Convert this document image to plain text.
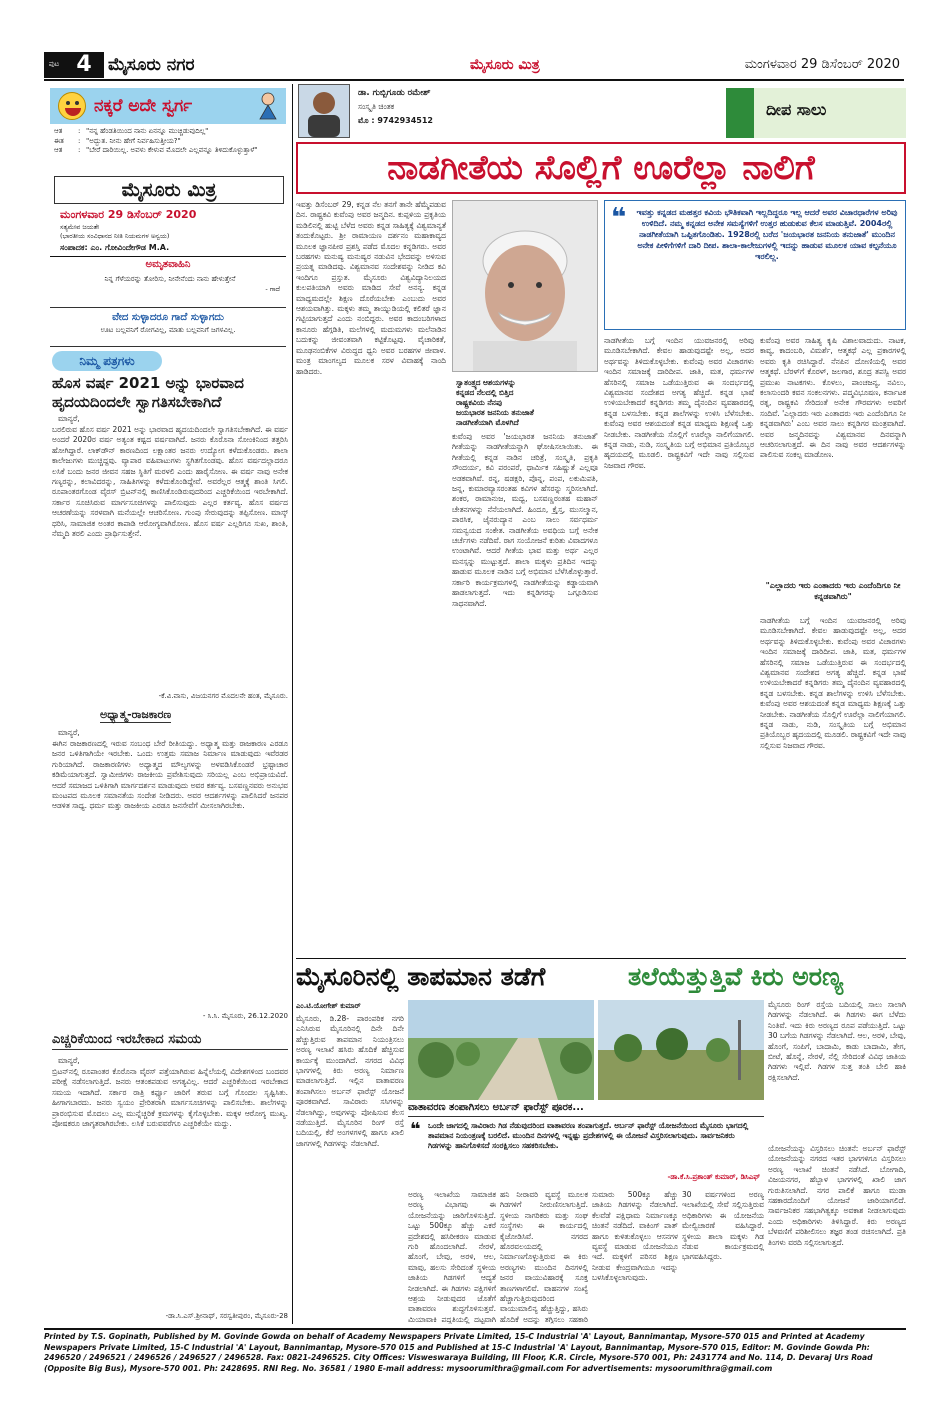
ಪುಟ 4 ಮೈಸೂರು ನಗರ	ಮೈಸೂರು ಮಿತ್ರ	ಮಂಗಳವಾರ 29 ಡಿಸೆಂಬರ್ 2020
ನಕ್ಕರೆ ಅದೇ ಸ್ವರ್ಗ
ಆತ	: "ನನ್ನ ಹೆಂಡತಿಯಿಂದ ನಾನು ಏನನ್ನೂ ಮುಚ್ಚಿಡುವುದಿಲ್ಲ"
ಈತ	: "ಅದ್ಭುತ. ನೀನು ಹೇಗೆ ನಿರ್ವಹಿಸುತ್ತೀಯ?"
ಆತ	: "ಬೇರೆ ದಾರಿಯಿಲ್ಲ. ಅವಳು ಕೇಳುವ ಮೊದಲೇ ಎಲ್ಲವನ್ನೂ ತಿಳಿದುಕೊಳ್ಳುತ್ತಾಳೆ"
ಮೈಸೂರು ಮಿತ್ರ
ಮಂಗಳವಾರ 29 ಡಿಸೆಂಬರ್ 2020
ಸತ್ಯಮೇವ ಜಯತೇ
(ಭಾರತೀಯ ಸಂವಿಧಾನದ ನೀತಿ ನಿಯಮಗಳ ಅನ್ವಯ)
ಸಂಪಾದಕ: ಎಂ. ಗೋವಿಂದೇಗೌಡ M.A.
ಅಮೃತವಾಹಿನಿ
ನಿನ್ನ ಗೆಳೆಯರನ್ನು ತೋರಿಸು, ನೀನೇನೆಂದು ನಾನು ಹೇಳುತ್ತೇನೆ
- ಗಾದೆ
ವೇದ ಸುಳ್ಳಾದರೂ ಗಾದೆ ಸುಳ್ಳಾಗದು
ಊಟ ಬಲ್ಲವನಿಗೆ ರೋಗವಿಲ್ಲ, ಮಾತು ಬಲ್ಲವನಿಗೆ ಜಗಳವಿಲ್ಲ.
ನಿಮ್ಮ ಪತ್ರಗಳು
ಹೊಸ ವರ್ಷ 2021 ಅನ್ನು ಭಾರವಾದ ಹೃದಯದಿಂದಲೇ ಸ್ವಾಗತಿಸಬೇಕಾಗಿದೆ
ಮಾನ್ಯರೆ,
ಬರಲಿರುವ ಹೊಸ ವರ್ಷ 2021 ಅನ್ನು ಭಾರವಾದ ಹೃದಯದಿಂದಲೇ ಸ್ವಾಗತಿಸಬೇಕಾಗಿದೆ. ಈ ವರ್ಷ ಅಂದರೆ 2020ರ ವರ್ಷ ಅತ್ಯಂತ ಕಷ್ಟದ ವರ್ಷವಾಗಿದೆ. ಜನರು ಕೊರೊನಾ ಸೋಂಕಿನಿಂದ ತತ್ತರಿಸಿ ಹೋಗಿದ್ದಾರೆ. ಲಾಕ್‌ಡೌನ್ ಕಾರಣದಿಂದ ಲಕ್ಷಾಂತರ ಜನರು ಉದ್ಯೋಗ ಕಳೆದುಕೊಂಡರು. ಶಾಲಾ ಕಾಲೇಜುಗಳು ಮುಚ್ಚಿದ್ದವು. ವ್ಯಾಪಾರ ವಹಿವಾಟುಗಳು ಸ್ಥಗಿತಗೊಂಡವು. ಹೊಸ ವರ್ಷದಲ್ಲಾದರೂ ಲಸಿಕೆ ಬಂದು ಜನರ ಜೀವನ ಸಹಜ ಸ್ಥಿತಿಗೆ ಮರಳಲಿ ಎಂದು ಹಾರೈಸೋಣ. ಈ ವರ್ಷ ನಾವು ಅನೇಕ ಗಣ್ಯರನ್ನು, ಕಲಾವಿದರನ್ನು, ಸಾಹಿತಿಗಳನ್ನು ಕಳೆದುಕೊಂಡಿದ್ದೇವೆ. ಅವರೆಲ್ಲರ ಆತ್ಮಕ್ಕೆ ಶಾಂತಿ ಸಿಗಲಿ. ರೂಪಾಂತರಗೊಂಡ ವೈರಸ್ ಬ್ರಿಟನ್‌ನಲ್ಲಿ ಕಾಣಿಸಿಕೊಂಡಿರುವುದರಿಂದ ಎಚ್ಚರಿಕೆಯಿಂದ ಇರಬೇಕಾಗಿದೆ. ಸರ್ಕಾರ ಸೂಚಿಸಿರುವ ಮಾರ್ಗಸೂಚಿಗಳನ್ನು ಪಾಲಿಸುವುದು ಎಲ್ಲರ ಕರ್ತವ್ಯ. ಹೊಸ ವರ್ಷದ ಆಚರಣೆಯನ್ನು ಸರಳವಾಗಿ ಮನೆಯಲ್ಲೇ ಆಚರಿಸೋಣ. ಗುಂಪು ಸೇರುವುದನ್ನು ತಪ್ಪಿಸೋಣ. ಮಾಸ್ಕ್ ಧರಿಸಿ, ಸಾಮಾಜಿಕ ಅಂತರ ಕಾಪಾಡಿ ಆರೋಗ್ಯವಾಗಿರೋಣ. ಹೊಸ ವರ್ಷ ಎಲ್ಲರಿಗೂ ಸುಖ, ಶಾಂತಿ, ನೆಮ್ಮದಿ ತರಲಿ ಎಂದು ಪ್ರಾರ್ಥಿಸುತ್ತೇನೆ.
-ಕೆ.ವಿ.ವಾಸು, ವಿಜಯನಗರ ಮೊದಲನೇ ಹಂತ, ಮೈಸೂರು.
ಅಧ್ಯಾತ್ಮ-ರಾಜಕಾರಣ
ಮಾನ್ಯರೆ,
ಈಗಿನ ರಾಜಕಾರಣದಲ್ಲಿ ಇರುವ ಸಂಬಂಧ ಬೇರೆ ರೀತಿಯದ್ದು. ಅಧ್ಯಾತ್ಮ ಮತ್ತು ರಾಜಕಾರಣ ಎರಡೂ ಜನರ ಒಳಿತಿಗಾಗಿಯೇ ಇರಬೇಕು. ಒಂದು ಉತ್ತಮ ಸಮಾಜ ನಿರ್ಮಾಣ ಮಾಡುವುದು ಇವೆರಡರ ಗುರಿಯಾಗಿದೆ. ರಾಜಕಾರಣಿಗಳು ಅಧ್ಯಾತ್ಮದ ಮೌಲ್ಯಗಳನ್ನು ಅಳವಡಿಸಿಕೊಂಡರೆ ಭ್ರಷ್ಟಾಚಾರ ಕಡಿಮೆಯಾಗುತ್ತದೆ. ಸ್ವಾಮೀಜಿಗಳು ರಾಜಕೀಯ ಪ್ರವೇಶಿಸುವುದು ಸರಿಯಲ್ಲ ಎಂಬ ಅಭಿಪ್ರಾಯವಿದೆ. ಆದರೆ ಸಮಾಜದ ಒಳಿತಿಗಾಗಿ ಮಾರ್ಗದರ್ಶನ ಮಾಡುವುದು ಅವರ ಕರ್ತವ್ಯ. ಬಸವಣ್ಣನವರು ಅನುಭವ ಮಂಟಪದ ಮೂಲಕ ಸಮಾನತೆಯ ಸಂದೇಶ ನೀಡಿದರು. ಅವರ ಆದರ್ಶಗಳನ್ನು ಪಾಲಿಸಿದರೆ ಜನಪರ ಆಡಳಿತ ಸಾಧ್ಯ. ಧರ್ಮ ಮತ್ತು ರಾಜಕೀಯ ಎರಡೂ ಜನಸೇವೆಗೆ ಮೀಸಲಾಗಿರಬೇಕು.
- ಸಿ.ಸಿ. ಮೈಸೂರು, 26.12.2020
ಎಚ್ಚರಿಕೆಯಿಂದ ಇರಬೇಕಾದ ಸಮಯ
ಮಾನ್ಯರೆ,
ಬ್ರಿಟನ್‌ನಲ್ಲಿ ರೂಪಾಂತರ ಕೊರೊನಾ ವೈರಸ್ ಪತ್ತೆಯಾಗಿರುವ ಹಿನ್ನೆಲೆಯಲ್ಲಿ ವಿದೇಶಗಳಿಂದ ಬಂದವರ ಪರೀಕ್ಷೆ ನಡೆಸಲಾಗುತ್ತಿದೆ. ಜನರು ಆತಂಕಪಡುವ ಅಗತ್ಯವಿಲ್ಲ. ಆದರೆ ಎಚ್ಚರಿಕೆಯಿಂದ ಇರಬೇಕಾದ ಸಮಯ ಇದಾಗಿದೆ. ಸರ್ಕಾರ ರಾತ್ರಿ ಕರ್ಫ್ಯೂ ಜಾರಿಗೆ ತರುವ ಬಗ್ಗೆ ಗೊಂದಲ ಸೃಷ್ಟಿಸಿತು. ಹೀಗಾಗಬಾರದು. ಜನರು ಸ್ವಯಂ ಪ್ರೇರಿತರಾಗಿ ಮಾರ್ಗಸೂಚಿಗಳನ್ನು ಪಾಲಿಸಬೇಕು. ಶಾಲೆಗಳನ್ನು ಪ್ರಾರಂಭಿಸುವ ಮೊದಲು ಎಲ್ಲ ಮುನ್ನೆಚ್ಚರಿಕೆ ಕ್ರಮಗಳನ್ನು ಕೈಗೊಳ್ಳಬೇಕು. ಮಕ್ಕಳ ಆರೋಗ್ಯ ಮುಖ್ಯ. ಪೋಷಕರೂ ಜಾಗೃತರಾಗಿರಬೇಕು. ಲಸಿಕೆ ಬರುವವರೆಗೂ ಎಚ್ಚರಿಕೆಯೇ ಮದ್ದು.
-ಡಾ.ಸಿ.ಎಸ್.ಶ್ರೀನಾಥ್, ಸರಸ್ವತೀಪುರಂ, ಮೈಸೂರು-28
ಡಾ. ಗುಬ್ಬಿಗೂಡು ರಮೇಶ್
ಸಂಸ್ಕೃತಿ ಚಿಂತಕ
ಮೊ : 9742934512
ದೀಪ ಸಾಲು
ನಾಡಗೀತೆಯ ಸೊಲ್ಲಿಗೆ ಊರೆಲ್ಲಾ ನಾಲಿಗೆ
ಇವತ್ತು ಡಿಸೆಂಬರ್ 29, ಕನ್ನಡ ನೆಲ ತನಗೆ ತಾನೇ ಹೆಮ್ಮೆಪಡುವ ದಿನ. ರಾಷ್ಟ್ರಕವಿ ಕುವೆಂಪು ಅವರ ಜನ್ಮದಿನ. ಕುಪ್ಪಳಿಯ ಪ್ರಕೃತಿಯ ಮಡಿಲಿನಲ್ಲಿ ಹುಟ್ಟಿ ಬೆಳೆದ ಅವರು ಕನ್ನಡ ಸಾಹಿತ್ಯಕ್ಕೆ ವಿಶ್ವಮಾನ್ಯತೆ ತಂದುಕೊಟ್ಟರು. ಶ್ರೀ ರಾಮಾಯಣ ದರ್ಶನಂ ಮಹಾಕಾವ್ಯದ ಮೂಲಕ ಜ್ಞಾನಪೀಠ ಪ್ರಶಸ್ತಿ ಪಡೆದ ಮೊದಲ ಕನ್ನಡಿಗರು. ಅವರ ಬರಹಗಳು ಮನುಷ್ಯ ಮನುಷ್ಯರ ನಡುವಿನ ಭೇದವನ್ನು ಅಳಿಸುವ ಪ್ರಯತ್ನ ಮಾಡಿದವು. ವಿಶ್ವಮಾನವ ಸಂದೇಶವನ್ನು ನೀಡಿದ ಕವಿ ಇಂದಿಗೂ ಪ್ರಸ್ತುತ. ಮೈಸೂರು ವಿಶ್ವವಿದ್ಯಾನಿಲಯದ ಕುಲಪತಿಯಾಗಿ ಅವರು ಮಾಡಿದ ಸೇವೆ ಅನನ್ಯ. ಕನ್ನಡ ಮಾಧ್ಯಮದಲ್ಲೇ ಶಿಕ್ಷಣ ದೊರೆಯಬೇಕು ಎಂಬುದು ಅವರ ಆಶಯವಾಗಿತ್ತು. ಮಕ್ಕಳು ತಮ್ಮ ತಾಯ್ನುಡಿಯಲ್ಲಿ ಕಲಿತರೆ ಜ್ಞಾನ ಗಟ್ಟಿಯಾಗುತ್ತದೆ ಎಂದು ನಂಬಿದ್ದರು. ಅವರ ಕಾದಂಬರಿಗಳಾದ ಕಾನೂರು ಹೆಗ್ಗಡಿತಿ, ಮಲೆಗಳಲ್ಲಿ ಮದುಮಗಳು ಮಲೆನಾಡಿನ ಬದುಕನ್ನು ಜೀವಂತವಾಗಿ ಕಟ್ಟಿಕೊಟ್ಟವು. ವೈಚಾರಿಕತೆ, ಮೂಢನಂಬಿಕೆಗಳ ವಿರುದ್ಧದ ಧ್ವನಿ ಅವರ ಬರಹಗಳ ಜೀವಾಳ. ಮಂತ್ರ ಮಾಂಗಲ್ಯದ ಮೂಲಕ ಸರಳ ವಿವಾಹಕ್ಕೆ ನಾಂದಿ ಹಾಡಿದರು.
ಸ್ವಾತಂತ್ರ್ಯದ ಆಶಯಗಳನ್ನು
ಕನ್ನಡದ ನೆಲದಲ್ಲಿ ಬಿತ್ತಿದ
ರಾಷ್ಟ್ರಕವಿಯ ನೆನಪು
ಜಯಭಾರತ ಜನನಿಯ ತನುಜಾತೆ
ನಾಡಗೀತೆಯಾಗಿ ಮೊಳಗಿದೆ
ಕುವೆಂಪು ಅವರ 'ಜಯಭಾರತ ಜನನಿಯ ತನುಜಾತೆ' ಗೀತೆಯನ್ನು ನಾಡಗೀತೆಯನ್ನಾಗಿ ಘೋಷಿಸಲಾಯಿತು. ಈ ಗೀತೆಯಲ್ಲಿ ಕನ್ನಡ ನಾಡಿನ ಚರಿತ್ರೆ, ಸಂಸ್ಕೃತಿ, ಪ್ರಕೃತಿ ಸೌಂದರ್ಯ, ಕವಿ ಪರಂಪರೆ, ಧಾರ್ಮಿಕ ಸಹಿಷ್ಣುತೆ ಎಲ್ಲವೂ ಅಡಕವಾಗಿವೆ. ರನ್ನ, ಷಡಕ್ಷರಿ, ಪೊನ್ನ, ಪಂಪ, ಲಕುಮಿಪತಿ, ಜನ್ನ, ಕುಮಾರವ್ಯಾಸರಂತಹ ಕವಿಗಳ ಹೆಸರನ್ನು ಸ್ಮರಿಸಲಾಗಿದೆ. ಶಂಕರ, ರಾಮಾನುಜ, ಮಧ್ವ, ಬಸವಣ್ಣರಂತಹ ಮಹಾನ್ ಚೇತನಗಳನ್ನು ನೆನೆಯಲಾಗಿದೆ. ಹಿಂದೂ, ಕ್ರೈಸ್ತ, ಮುಸಲ್ಮಾನ, ಪಾರಸಿಕ, ಜೈನರುದ್ಯಾನ ಎಂಬ ಸಾಲು ಸರ್ವಧರ್ಮ ಸಮನ್ವಯದ ಸಂಕೇತ. ನಾಡಗೀತೆಯ ಅವಧಿಯ ಬಗ್ಗೆ ಅನೇಕ ಚರ್ಚೆಗಳು ನಡೆದಿವೆ. ರಾಗ ಸಂಯೋಜನೆ ಕುರಿತು ವಿವಾದಗಳೂ ಉಂಟಾಗಿವೆ. ಆದರೆ ಗೀತೆಯ ಭಾವ ಮತ್ತು ಅರ್ಥ ಎಲ್ಲರ ಮನಸ್ಸನ್ನು ಮುಟ್ಟುತ್ತದೆ. ಶಾಲಾ ಮಕ್ಕಳು ಪ್ರತಿದಿನ ಇದನ್ನು ಹಾಡುವ ಮೂಲಕ ನಾಡಿನ ಬಗ್ಗೆ ಅಭಿಮಾನ ಬೆಳೆಸಿಕೊಳ್ಳುತ್ತಾರೆ. ಸರ್ಕಾರಿ ಕಾರ್ಯಕ್ರಮಗಳಲ್ಲಿ ನಾಡಗೀತೆಯನ್ನು ಕಡ್ಡಾಯವಾಗಿ ಹಾಡಲಾಗುತ್ತದೆ. ಇದು ಕನ್ನಡಿಗರನ್ನು ಒಗ್ಗೂಡಿಸುವ ಸಾಧನವಾಗಿದೆ.
❝	ಇವತ್ತು ಕನ್ನಡದ ಮಹತ್ತರ ಕವಿಯ ಭೌತಿಕವಾಗಿ ಇಲ್ಲದಿದ್ದರೂ ಇಲ್ಲ ಆದರೆ ಅವರ ವಿಚಾರಧಾರೆಗಳ ಅರಿವು ಉಳಿದಿದೆ. ನಮ್ಮ ಕನ್ನಡದ ಅನೇಕ ಸಮಸ್ಯೆಗಳಿಗೆ ಉತ್ತರ ಹುಡುಕುವ ಕೆಲಸ ಮಾಡುತ್ತಿವೆ. 2004ರಲ್ಲಿ ನಾಡಗೀತೆಯಾಗಿ ಒಪ್ಪಿತಗೊಂಡಿತು. 1928ರಲ್ಲಿ ಬರೆದ 'ಜಯಭಾರತ ಜನನಿಯ ತನುಜಾತೆ' ಮುಂದಿನ ಅನೇಕ ಪೀಳಿಗೆಗಳಿಗೆ ದಾರಿ ದೀಪ. ಶಾಲಾ-ಕಾಲೇಜುಗಳಲ್ಲಿ ಇದನ್ನು ಹಾಡುವ ಮೂಲಕ ಯಾವ ಕಲ್ಪನೆಯೂ ಇರಲಿಲ್ಲ.
ನಾಡಗೀತೆಯ ಬಗ್ಗೆ ಇಂದಿನ ಯುವಜನರಲ್ಲಿ ಅರಿವು ಮೂಡಿಸಬೇಕಾಗಿದೆ. ಕೇವಲ ಹಾಡುವುದಷ್ಟೇ ಅಲ್ಲ, ಅದರ ಅರ್ಥವನ್ನು ತಿಳಿದುಕೊಳ್ಳಬೇಕು. ಕುವೆಂಪು ಅವರ ವಿಚಾರಗಳು ಇಂದಿನ ಸಮಾಜಕ್ಕೆ ದಾರಿದೀಪ. ಜಾತಿ, ಮತ, ಧರ್ಮಗಳ ಹೆಸರಿನಲ್ಲಿ ಸಮಾಜ ಒಡೆಯುತ್ತಿರುವ ಈ ಸಂದರ್ಭದಲ್ಲಿ ವಿಶ್ವಮಾನವ ಸಂದೇಶದ ಅಗತ್ಯ ಹೆಚ್ಚಿದೆ. ಕನ್ನಡ ಭಾಷೆ ಉಳಿಯಬೇಕಾದರೆ ಕನ್ನಡಿಗರು ತಮ್ಮ ದೈನಂದಿನ ವ್ಯವಹಾರದಲ್ಲಿ ಕನ್ನಡ ಬಳಸಬೇಕು. ಕನ್ನಡ ಶಾಲೆಗಳನ್ನು ಉಳಿಸಿ ಬೆಳೆಸಬೇಕು. ಕುವೆಂಪು ಅವರ ಆಶಯದಂತೆ ಕನ್ನಡ ಮಾಧ್ಯಮ ಶಿಕ್ಷಣಕ್ಕೆ ಒತ್ತು ನೀಡಬೇಕು. ನಾಡಗೀತೆಯ ಸೊಲ್ಲಿಗೆ ಊರೆಲ್ಲಾ ನಾಲಿಗೆಯಾಗಲಿ. ಕನ್ನಡ ನಾಡು, ನುಡಿ, ಸಂಸ್ಕೃತಿಯ ಬಗ್ಗೆ ಅಭಿಮಾನ ಪ್ರತಿಯೊಬ್ಬರ ಹೃದಯದಲ್ಲಿ ಮೂಡಲಿ. ರಾಷ್ಟ್ರಕವಿಗೆ ಇದೇ ನಾವು ಸಲ್ಲಿಸುವ ನಿಜವಾದ ಗೌರವ.
ಕುವೆಂಪು ಅವರ ಸಾಹಿತ್ಯ ಕೃಷಿ ವಿಶಾಲವಾದುದು. ನಾಟಕ, ಕಾವ್ಯ, ಕಾದಂಬರಿ, ವಿಮರ್ಶೆ, ಆತ್ಮಕಥೆ ಎಲ್ಲ ಪ್ರಕಾರಗಳಲ್ಲಿ ಅವರು ಕೃತಿ ರಚಿಸಿದ್ದಾರೆ. ನೆನಪಿನ ದೋಣಿಯಲ್ಲಿ ಅವರ ಆತ್ಮಕಥೆ. ಬೆರಳ್‌ಗೆ ಕೊರಳ್, ಜಲಗಾರ, ಶೂದ್ರ ತಪಸ್ವಿ ಅವರ ಪ್ರಮುಖ ನಾಟಕಗಳು. ಕೊಳಲು, ಪಾಂಚಜನ್ಯ, ನವಿಲು, ಕಲಾಸುಂದರಿ ಕವನ ಸಂಕಲನಗಳು. ಪದ್ಮವಿಭೂಷಣ, ಕರ್ನಾಟಕ ರತ್ನ, ರಾಷ್ಟ್ರಕವಿ ಸೇರಿದಂತೆ ಅನೇಕ ಗೌರವಗಳು ಅವರಿಗೆ ಸಂದಿವೆ. 'ಎಲ್ಲಾದರು ಇರು ಎಂತಾದರು ಇರು ಎಂದೆಂದಿಗೂ ನೀ ಕನ್ನಡವಾಗಿರು' ಎಂಬ ಅವರ ಸಾಲು ಕನ್ನಡಿಗರ ಮಂತ್ರವಾಗಿದೆ. ಅವರ ಜನ್ಮದಿನವನ್ನು ವಿಶ್ವಮಾನವ ದಿನವನ್ನಾಗಿ ಆಚರಿಸಲಾಗುತ್ತದೆ. ಈ ದಿನ ನಾವು ಅವರ ಆದರ್ಶಗಳನ್ನು ಪಾಲಿಸುವ ಸಂಕಲ್ಪ ಮಾಡೋಣ.
"ಎಲ್ಲಾದರು ಇರು ಎಂತಾದರು ಇರು ಎಂದೆಂದಿಗೂ ನೀ ಕನ್ನಡವಾಗಿರು"
ನಾಡಗೀತೆಯ ಬಗ್ಗೆ ಇಂದಿನ ಯುವಜನರಲ್ಲಿ ಅರಿವು ಮೂಡಿಸಬೇಕಾಗಿದೆ. ಕೇವಲ ಹಾಡುವುದಷ್ಟೇ ಅಲ್ಲ, ಅದರ ಅರ್ಥವನ್ನು ತಿಳಿದುಕೊಳ್ಳಬೇಕು. ಕುವೆಂಪು ಅವರ ವಿಚಾರಗಳು ಇಂದಿನ ಸಮಾಜಕ್ಕೆ ದಾರಿದೀಪ. ಜಾತಿ, ಮತ, ಧರ್ಮಗಳ ಹೆಸರಿನಲ್ಲಿ ಸಮಾಜ ಒಡೆಯುತ್ತಿರುವ ಈ ಸಂದರ್ಭದಲ್ಲಿ ವಿಶ್ವಮಾನವ ಸಂದೇಶದ ಅಗತ್ಯ ಹೆಚ್ಚಿದೆ. ಕನ್ನಡ ಭಾಷೆ ಉಳಿಯಬೇಕಾದರೆ ಕನ್ನಡಿಗರು ತಮ್ಮ ದೈನಂದಿನ ವ್ಯವಹಾರದಲ್ಲಿ ಕನ್ನಡ ಬಳಸಬೇಕು. ಕನ್ನಡ ಶಾಲೆಗಳನ್ನು ಉಳಿಸಿ ಬೆಳೆಸಬೇಕು. ಕುವೆಂಪು ಅವರ ಆಶಯದಂತೆ ಕನ್ನಡ ಮಾಧ್ಯಮ ಶಿಕ್ಷಣಕ್ಕೆ ಒತ್ತು ನೀಡಬೇಕು. ನಾಡಗೀತೆಯ ಸೊಲ್ಲಿಗೆ ಊರೆಲ್ಲಾ ನಾಲಿಗೆಯಾಗಲಿ. ಕನ್ನಡ ನಾಡು, ನುಡಿ, ಸಂಸ್ಕೃತಿಯ ಬಗ್ಗೆ ಅಭಿಮಾನ ಪ್ರತಿಯೊಬ್ಬರ ಹೃದಯದಲ್ಲಿ ಮೂಡಲಿ. ರಾಷ್ಟ್ರಕವಿಗೆ ಇದೇ ನಾವು ಸಲ್ಲಿಸುವ ನಿಜವಾದ ಗೌರವ.
ಮೈಸೂರಿನಲ್ಲಿ ತಾಪಮಾನ ತಡೆಗೆ	ತಲೆಯೆತ್ತುತ್ತಿವೆ ಕಿರು ಅರಣ್ಯ
ಎಂ.ಟಿ.ಯೋಗೇಶ್ ಕುಮಾರ್
ಮೈಸೂರು, ಡಿ.28- ಪಾರಂಪರಿಕ ನಗರಿ ಎನಿಸಿರುವ ಮೈಸೂರಿನಲ್ಲಿ ದಿನೇ ದಿನೇ ಹೆಚ್ಚುತ್ತಿರುವ ತಾಪಮಾನ ನಿಯಂತ್ರಿಸಲು ಅರಣ್ಯ ಇಲಾಖೆ ಹಸಿರು ಹೊದಿಕೆ ಹೆಚ್ಚಿಸುವ ಕಾರ್ಯಕ್ಕೆ ಮುಂದಾಗಿದೆ. ನಗರದ ವಿವಿಧ ಭಾಗಗಳಲ್ಲಿ ಕಿರು ಅರಣ್ಯ ನಿರ್ಮಾಣ ಮಾಡಲಾಗುತ್ತಿದೆ. ಇಲ್ಲಿನ ವಾತಾವರಣ ತಂಪಾಗಿಸಲು ಅರ್ಬನ್ ಫಾರೆಸ್ಟ್ ಯೋಜನೆ ಪೂರಕವಾಗಿದೆ. ಸಾವಿರಾರು ಸಸಿಗಳನ್ನು ನೆಡಲಾಗಿದ್ದು, ಅವುಗಳನ್ನು ಪೋಷಿಸುವ ಕೆಲಸ ನಡೆಯುತ್ತಿದೆ. ಮೈಸೂರಿನ ರಿಂಗ್ ರಸ್ತೆ ಬದಿಯಲ್ಲಿ, ಕೆರೆ ಅಂಗಳಗಳಲ್ಲಿ ಹಾಗೂ ಖಾಲಿ ಜಾಗಗಳಲ್ಲಿ ಗಿಡಗಳನ್ನು ನೆಡಲಾಗಿದೆ.
ವಾತಾವರಣ ತಂಪಾಗಿಸಲು ಅರ್ಬನ್ ಫಾರೆಸ್ಟ್ ಪೂರಕ...
❝ ಒಂದೇ ಜಾಗದಲ್ಲಿ ಸಾವಿರಾರು ಗಿಡ ನೆಡುವುದರಿಂದ ವಾತಾವರಣ ತಂಪಾಗುತ್ತದೆ. ಅರ್ಬನ್ ಫಾರೆಸ್ಟ್ ಯೋಜನೆಯಿಂದ ಮೈಸೂರು ಭಾಗದಲ್ಲಿ ತಾಪಮಾನ ನಿಯಂತ್ರಣಕ್ಕೆ ಬರಲಿದೆ. ಮುಂದಿನ ದಿನಗಳಲ್ಲಿ ಇನ್ನಷ್ಟು ಪ್ರದೇಶಗಳಲ್ಲಿ ಈ ಯೋಜನೆ ವಿಸ್ತರಿಸಲಾಗುವುದು. ಸಾರ್ವಜನಿಕರು ಗಿಡಗಳನ್ನು ಹಾನಿಗೊಳಿಸದೆ ಸಂರಕ್ಷಿಸಲು ಸಹಕರಿಸಬೇಕು.
-ಡಾ.ಕೆ.ಸಿ.ಪ್ರಶಾಂತ್ ಕುಮಾರ್, ಡಿಸಿಎಫ್
ಅರಣ್ಯ ಇಲಾಖೆಯ ಸಾಮಾಜಿಕ ಅರಣ್ಯ ವಿಭಾಗವು ಈ ಯೋಜನೆಯನ್ನು ಜಾರಿಗೊಳಿಸುತ್ತಿದೆ. ಒಟ್ಟು 500ಕ್ಕೂ ಹೆಚ್ಚು ಎಕರೆ ಪ್ರದೇಶದಲ್ಲಿ ಹಸಿರೀಕರಣ ಮಾಡುವ ಗುರಿ ಹೊಂದಲಾಗಿದೆ. ನೇರಳೆ, ಹೊಂಗೆ, ಬೇವು, ಅರಳಿ, ಆಲ, ಮಾವು, ಹಲಸು ಸೇರಿದಂತೆ ಸ್ಥಳೀಯ ಜಾತಿಯ ಗಿಡಗಳಿಗೆ ಆದ್ಯತೆ ನೀಡಲಾಗಿದೆ. ಈ ಗಿಡಗಳು ಪಕ್ಷಿಗಳಿಗೆ ಆಶ್ರಯ ನೀಡುವುದರ ಜೊತೆಗೆ ವಾತಾವರಣ ಶುದ್ಧಗೊಳಿಸುತ್ತವೆ. ಮಿಯಾವಾಕಿ ಪದ್ಧತಿಯಲ್ಲಿ ದಟ್ಟವಾಗಿ
ಹನಿ ನೀರಾವರಿ ವ್ಯವಸ್ಥೆ ಮೂಲಕ ಗಿಡಗಳಿಗೆ ನೀರುಣಿಸಲಾಗುತ್ತಿದೆ. ಸ್ಥಳೀಯ ನಾಗರಿಕರು ಮತ್ತು ಸಂಘ ಸಂಸ್ಥೆಗಳು ಈ ಕಾರ್ಯದಲ್ಲಿ ಕೈಜೋಡಿಸಿವೆ. ನಗರದ ಹೊರವಲಯದಲ್ಲಿ ನಿರ್ಮಾಣಗೊಳ್ಳುತ್ತಿರುವ ಈ ಕಿರು ಅರಣ್ಯಗಳು ಮುಂದಿನ ದಿನಗಳಲ್ಲಿ ಜನರ ವಾಯುವಿಹಾರಕ್ಕೆ ಸೂಕ್ತ ತಾಣಗಳಾಗಲಿವೆ. ವಾಹನಗಳ ಸಂಖ್ಯೆ ಹೆಚ್ಚಾಗುತ್ತಿರುವುದರಿಂದ ವಾಯುಮಾಲಿನ್ಯ ಹೆಚ್ಚುತ್ತಿದ್ದು, ಹಸಿರು ಹೊದಿಕೆ ಅದನ್ನು ತಗ್ಗಿಸಲು ಸಹಕಾರಿ
ಸುಮಾರು 500ಕ್ಕೂ ಹೆಚ್ಚು ಜಾತಿಯ ಗಿಡಗಳನ್ನು ನೆಡಲಾಗಿದೆ. ಕೆಲವೆಡೆ ಪಕ್ಷಿಧಾಮ ನಿರ್ಮಾಣಕ್ಕೂ ಚಿಂತನೆ ನಡೆದಿದೆ. ವಾಕಿಂಗ್ ಪಾತ್ ಹಾಗೂ ಕುಳಿತುಕೊಳ್ಳಲು ಆಸನಗಳ ವ್ಯವಸ್ಥೆ ಮಾಡುವ ಯೋಜನೆಯೂ ಇದೆ. ಮಕ್ಕಳಿಗೆ ಪರಿಸರ ಶಿಕ್ಷಣ ನೀಡುವ ಕೇಂದ್ರವಾಗಿಯೂ ಇದನ್ನು ಬಳಸಿಕೊಳ್ಳಲಾಗುವುದು.
30 ವರ್ಷಗಳಿಂದ ಅರಣ್ಯ ಇಲಾಖೆಯಲ್ಲಿ ಸೇವೆ ಸಲ್ಲಿಸುತ್ತಿರುವ ಅಧಿಕಾರಿಗಳು ಈ ಯೋಜನೆಯ ಮೇಲ್ವಿಚಾರಣೆ ವಹಿಸಿದ್ದಾರೆ. ಸ್ಥಳೀಯ ಶಾಲಾ ಮಕ್ಕಳು ಗಿಡ ನೆಡುವ ಕಾರ್ಯಕ್ರಮದಲ್ಲಿ ಭಾಗವಹಿಸಿದ್ದರು.
ಮೈಸೂರು ರಿಂಗ್ ರಸ್ತೆಯ ಬದಿಯಲ್ಲಿ ಸಾಲು ಸಾಲಾಗಿ ಗಿಡಗಳನ್ನು ನೆಡಲಾಗಿದೆ. ಈ ಗಿಡಗಳು ಈಗ ಬೆಳೆದು ನಿಂತಿವೆ. ಇದು ಕಿರು ಅರಣ್ಯದ ರೂಪ ಪಡೆಯುತ್ತಿದೆ. ಒಟ್ಟು 30 ಬಗೆಯ ಗಿಡಗಳನ್ನು ನೆಡಲಾಗಿದೆ. ಆಲ, ಅರಳಿ, ಬೇವು, ಹೊಂಗೆ, ಸಂಪಿಗೆ, ಬಾದಾಮಿ, ಕಾಡು ಬಾದಾಮಿ, ತೇಗ, ಬೀಟೆ, ಹೊನ್ನೆ, ನೇರಳೆ, ನೆಲ್ಲಿ ಸೇರಿದಂತೆ ವಿವಿಧ ಜಾತಿಯ ಗಿಡಗಳು ಇಲ್ಲಿವೆ. ಗಿಡಗಳ ಸುತ್ತ ತಂತಿ ಬೇಲಿ ಹಾಕಿ ರಕ್ಷಿಸಲಾಗಿದೆ.
ಯೋಜನೆಯನ್ನು ವಿಸ್ತರಿಸಲು ಚಿಂತನೆ: ಅರ್ಬನ್ ಫಾರೆಸ್ಟ್ ಯೋಜನೆಯನ್ನು ನಗರದ ಇತರ ಭಾಗಗಳಿಗೂ ವಿಸ್ತರಿಸಲು ಅರಣ್ಯ ಇಲಾಖೆ ಚಿಂತನೆ ನಡೆಸಿದೆ. ಬೋಗಾದಿ, ವಿಜಯನಗರ, ಹೆಬ್ಬಾಳ ಭಾಗಗಳಲ್ಲಿ ಖಾಲಿ ಜಾಗ ಗುರುತಿಸಲಾಗಿದೆ. ನಗರ ಪಾಲಿಕೆ ಹಾಗೂ ಮುಡಾ ಸಹಕಾರದೊಂದಿಗೆ ಯೋಜನೆ ಜಾರಿಯಾಗಲಿದೆ. ಸಾರ್ವಜನಿಕರ ಸಹಭಾಗಿತ್ವಕ್ಕೂ ಅವಕಾಶ ನೀಡಲಾಗುವುದು ಎಂದು ಅಧಿಕಾರಿಗಳು ತಿಳಿಸಿದ್ದಾರೆ. ಕಿರು ಅರಣ್ಯದ ಬೆಳವಣಿಗೆ ಪರಿಶೀಲಿಸಲು ತಜ್ಞರ ತಂಡ ರಚಿಸಲಾಗಿದೆ. ಪ್ರತಿ ತಿಂಗಳು ವರದಿ ಸಲ್ಲಿಸಲಾಗುತ್ತದೆ.
Printed by T.S. Gopinath, Published by M. Govinde Gowda on behalf of Academy Newspapers Private Limited, 15-C Industrial 'A' Layout, Bannimantap, Mysore-570 015 and Printed at Academy Newspapers Private Limited, 15-C Industrial 'A' Layout, Bannimantap, Mysore-570 015 and Published at 15-C Industrial 'A' Layout, Bannimantap, Mysore-570 015, Editor: M. Govinde Gowda Ph: 2496520 / 2496521 / 2496526 / 2496527 / 2496528. Fax: 0821-2496525. City Offices: Visweswaraya Building, III Floor, K.R. Circle, Mysore-570 001, Ph: 2431774 and No. 114, D. Devaraj Urs Road (Opposite Big Bus), Mysore-570 001. Ph: 2428695. RNI Reg. No. 36581 / 1980 E-mail address: mysoorumithra@gmail.com For advertisements: mysoorumithra@gmail.com
